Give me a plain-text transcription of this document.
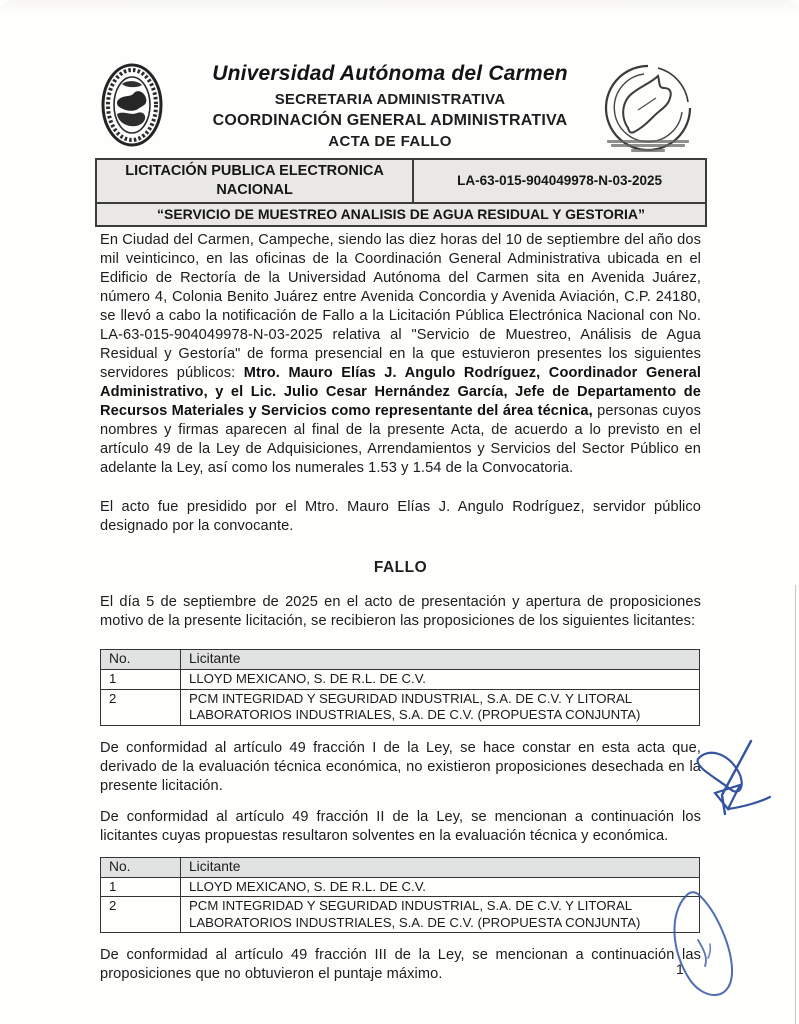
Universidad Autónoma del Carmen
SECRETARIA ADMINISTRATIVA
COORDINACIÓN GENERAL ADMINISTRATIVA
ACTA DE FALLO
LICITACIÓN PUBLICA ELECTRONICA NACIONAL	LA-63-015-904049978-N-03-2025
“SERVICIO DE MUESTREO ANALISIS DE AGUA RESIDUAL Y GESTORIA”

En Ciudad del Carmen, Campeche, siendo las diez horas del 10 de septiembre del año dos mil veinticinco, en las oficinas de la Coordinación General Administrativa ubicada en el Edificio de Rectoría de la Universidad Autónoma del Carmen sita en Avenida Juárez, número 4, Colonia Benito Juárez entre Avenida Concordia y Avenida Aviación, C.P. 24180, se llevó a cabo la notificación de Fallo a la Licitación Pública Electrónica Nacional con No. LA-63-015-904049978-N-03-2025 relativa al "Servicio de Muestreo, Análisis de Agua Residual y Gestoría" de forma presencial en la que estuvieron presentes los siguientes servidores públicos: Mtro. Mauro Elías J. Angulo Rodríguez, Coordinador General Administrativo, y el Lic. Julio Cesar Hernández García, Jefe de Departamento de Recursos Materiales y Servicios como representante del área técnica, personas cuyos nombres y firmas aparecen al final de la presente Acta, de acuerdo a lo previsto en el artículo 49 de la Ley de Adquisiciones, Arrendamientos y Servicios del Sector Público en adelante la Ley, así como los numerales 1.53 y 1.54 de la Convocatoria.

El acto fue presidido por el Mtro. Mauro Elías J. Angulo Rodríguez, servidor público designado por la convocante.

FALLO

El día 5 de septiembre de 2025 en el acto de presentación y apertura de proposiciones motivo de la presente licitación, se recibieron las proposiciones de los siguientes licitantes:

No.	Licitante
1	LLOYD MEXICANO, S. DE R.L. DE C.V.
2	PCM INTEGRIDAD Y SEGURIDAD INDUSTRIAL, S.A. DE C.V. Y LITORAL LABORATORIOS INDUSTRIALES, S.A. DE C.V. (PROPUESTA CONJUNTA)

De conformidad al artículo 49 fracción I de la Ley, se hace constar en esta acta que, derivado de la evaluación técnica económica, no existieron proposiciones desechada en la presente licitación.

De conformidad al artículo 49 fracción II de la Ley, se mencionan a continuación los licitantes cuyas propuestas resultaron solventes en la evaluación técnica y económica.

No.	Licitante
1	LLOYD MEXICANO, S. DE R.L. DE C.V.
2	PCM INTEGRIDAD Y SEGURIDAD INDUSTRIAL, S.A. DE C.V. Y LITORAL LABORATORIOS INDUSTRIALES, S.A. DE C.V. (PROPUESTA CONJUNTA)

De conformidad al artículo 49 fracción III de la Ley, se mencionan a continuación las proposiciones que no obtuvieron el puntaje máximo.	1
